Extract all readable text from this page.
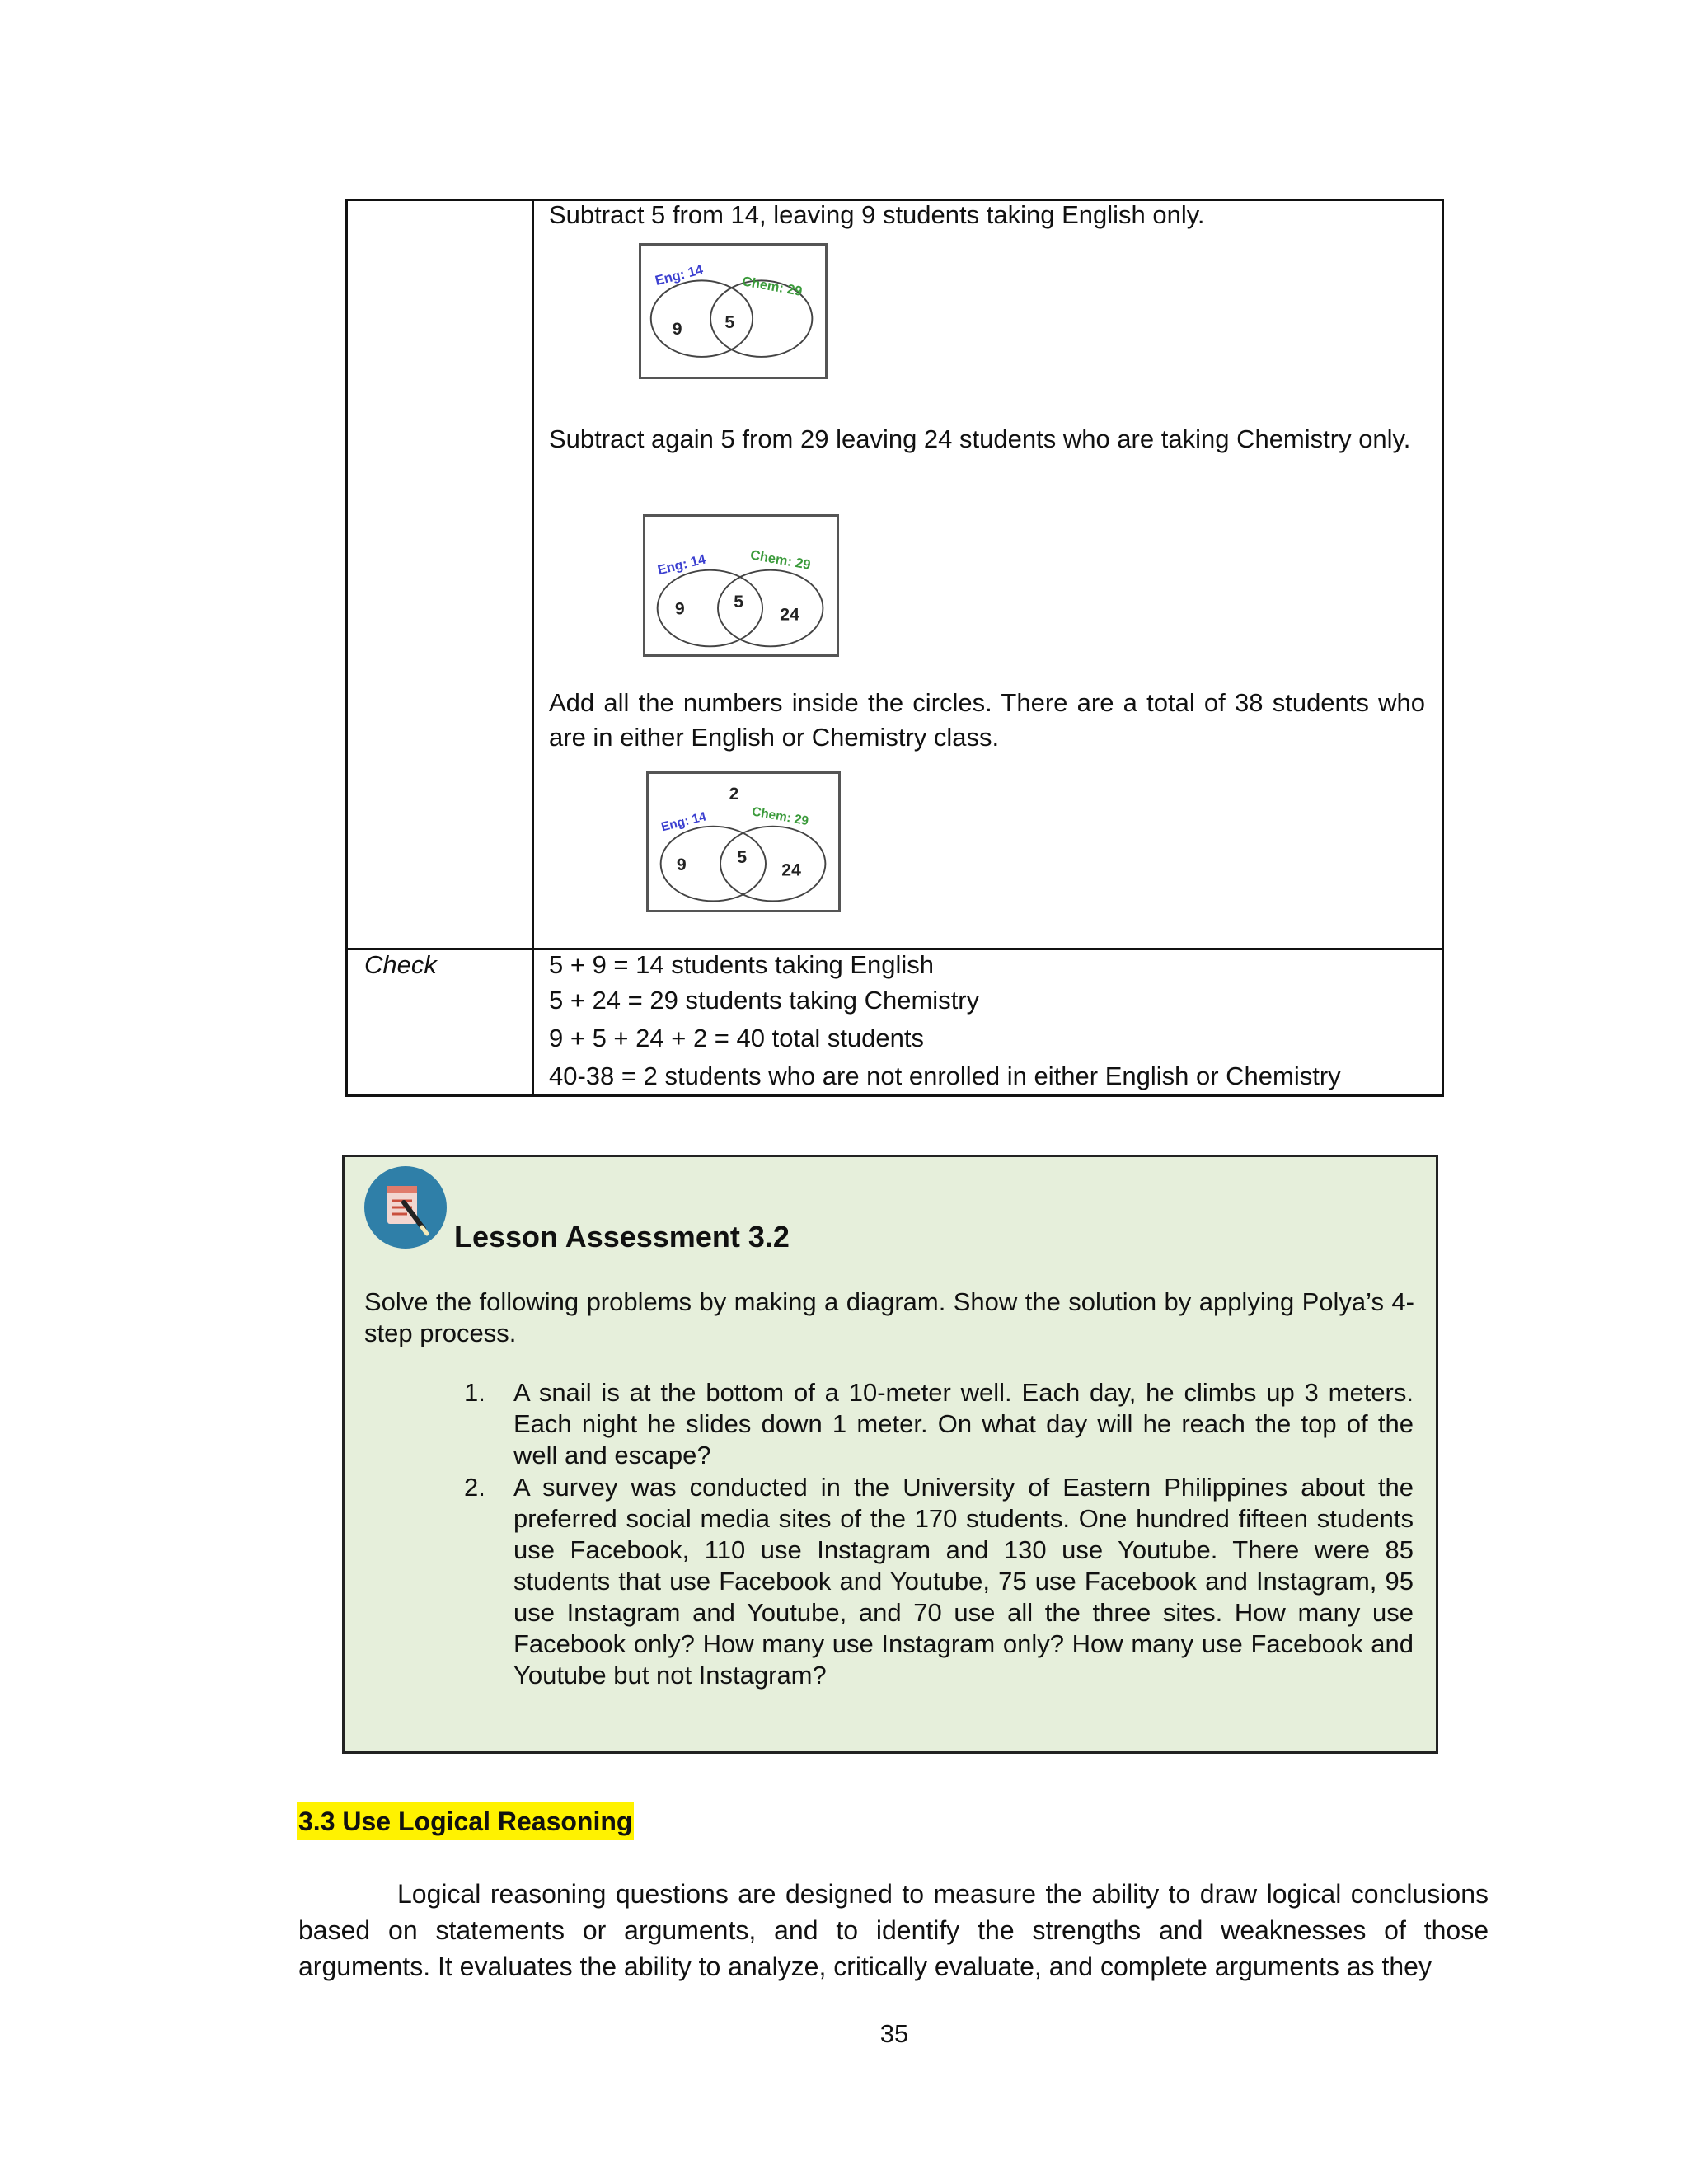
Subtract 5 from 14, leaving 9 students taking English only.
Eng: 14	Chem: 29
9 5
Subtract again 5 from 29 leaving 24 students who are taking Chemistry only.
Eng: 14	Chem: 29
9	5
24
Add all the numbers inside the circles. There are a total of 38 students who are in either English or Chemistry class.
2
Eng: 14	Chem: 29
9	5
24
Check	5 + 9 = 14 students taking English
5 + 24 = 29 students taking Chemistry
9 + 5 + 24 + 2 = 40 total students
40-38 = 2 students who are not enrolled in either English or Chemistry
Lesson Assessment 3.2
Solve the following problems by making a diagram. Show the solution by applying Polya’s 4-step process.
1. A snail is at the bottom of a 10-meter well. Each day, he climbs up 3 meters. Each night he slides down 1 meter. On what day will he reach the top of the well and escape?
2. A survey was conducted in the University of Eastern Philippines about the preferred social media sites of the 170 students. One hundred fifteen students use Facebook, 110 use Instagram and 130 use Youtube. There were 85 students that use Facebook and Youtube, 75 use Facebook and Instagram, 95 use Instagram and Youtube, and 70 use all the three sites. How many use Facebook only? How many use Instagram only? How many use Facebook and Youtube but not Instagram?
3.3 Use Logical Reasoning
Logical reasoning questions are designed to measure the ability to draw logical conclusions based on statements or arguments, and to identify the strengths and weaknesses of those arguments. It evaluates the ability to analyze, critically evaluate, and complete arguments as they
35
